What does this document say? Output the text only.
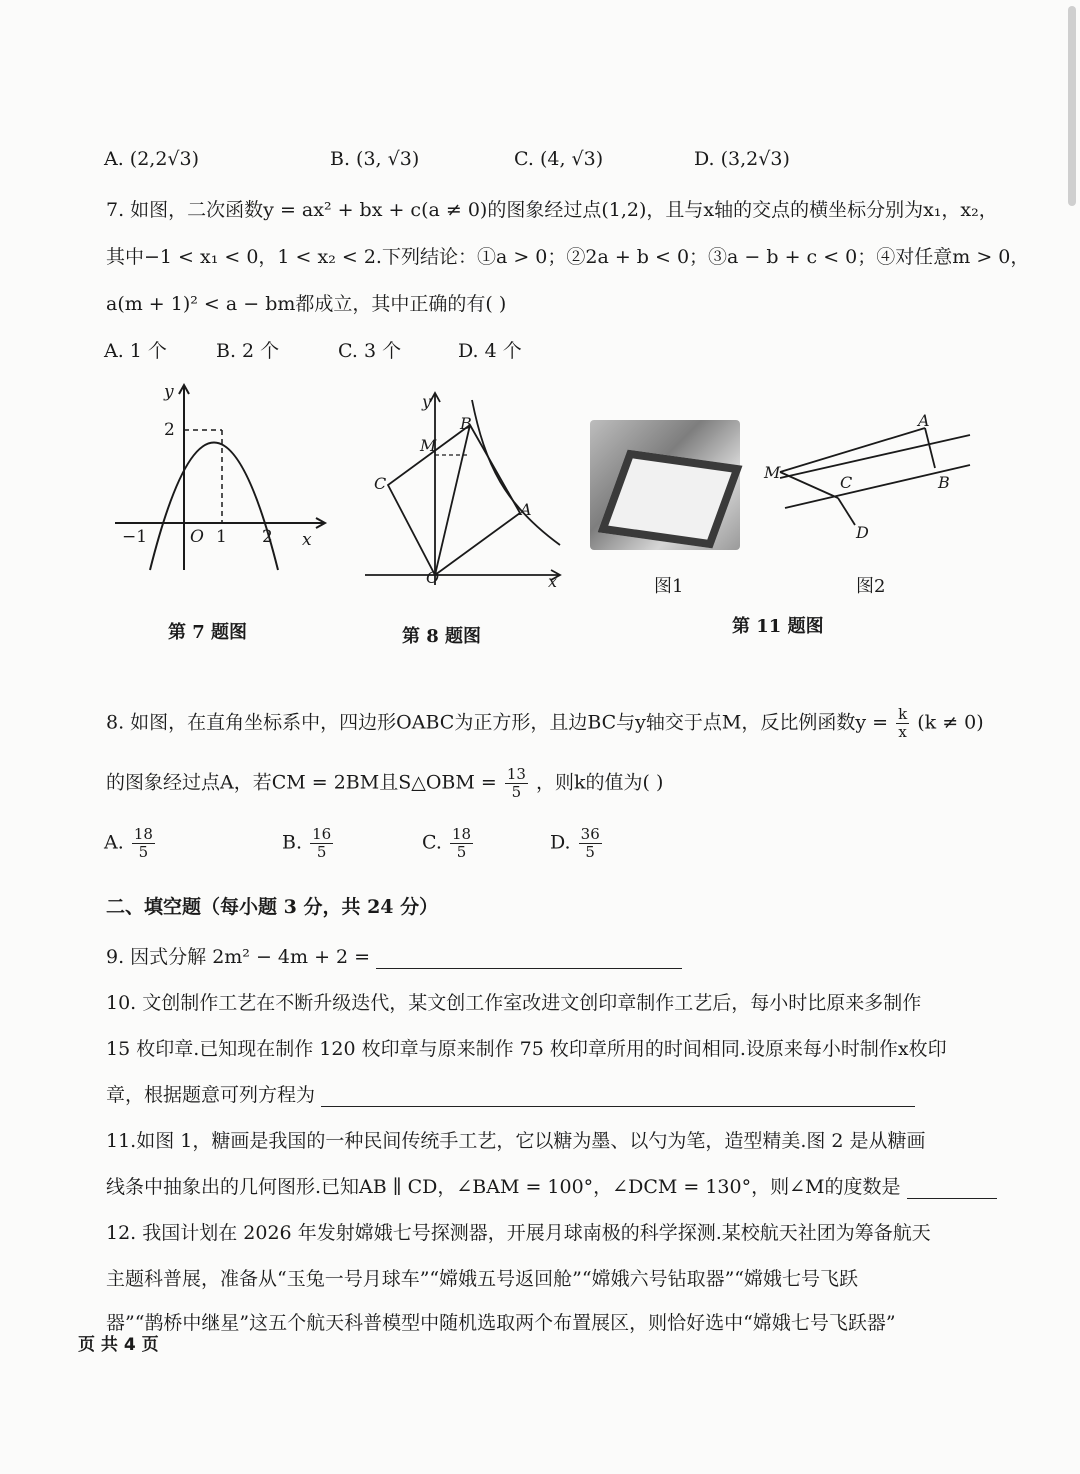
A. (2,2√3)	B. (3, √3)	C. (4, √3)	D. (3,2√3)
7. 如图，二次函数y = ax² + bx + c(a ≠ 0)的图象经过点(1,2)，且与x轴的交点的横坐标分别为x₁，x₂，
其中−1 < x₁ < 0，1 < x₂ < 2.下列结论：①a > 0；②2a + b < 0；③a − b + c < 0；④对任意m > 0，
a(m + 1)² < a − bm都成立，其中正确的有( )
A. 1 个	B. 2 个	C. 3 个	D. 4 个
y
2
−1	O 1 2 x
第 7 题图
y
B
M
C
A
O	x
第 8 题图
图1
A
B
M
C
D
图2
第 11 题图
8. 如图，在直角坐标系中，四边形OABC为正方形，且边BC与y轴交于点M，反比例函数$y = \frac{k}{x} (k \ne 0)$
的图象经过点A，若CM = 2BM且S△OBM = $\frac{13}{5}$ ，则k的值为( )
A. $\frac{18}{5}$	B. $\frac{16}{5}$	C. $\frac{18}{5}$	D. $\frac{36}{5}$
二、填空题（每小题 3 分，共 24 分）
9. 因式分解 2m² − 4m + 2 =
10. 文创制作工艺在不断升级迭代，某文创工作室改进文创印章制作工艺后，每小时比原来多制作
15 枚印章.已知现在制作 120 枚印章与原来制作 75 枚印章所用的时间相同.设原来每小时制作x枚印
章，根据题意可列方程为
11.如图 1，糖画是我国的一种民间传统手工艺，它以糖为墨、以勺为笔，造型精美.图 2 是从糖画
线条中抽象出的几何图形.已知AB ∥ CD，∠BAM = 100°，∠DCM = 130°，则∠M的度数是
12. 我国计划在 2026 年发射嫦娥七号探测器，开展月球南极的科学探测.某校航天社团为筹备航天
主题科普展，准备从“玉兔一号月球车”“嫦娥五号返回舱”“嫦娥六号钻取器”“嫦娥七号飞跃
器”“鹊桥中继星”这五个航天科普模型中随机选取两个布置展区，则恰好选中“嫦娥七号飞跃器”
页 共 4 页
